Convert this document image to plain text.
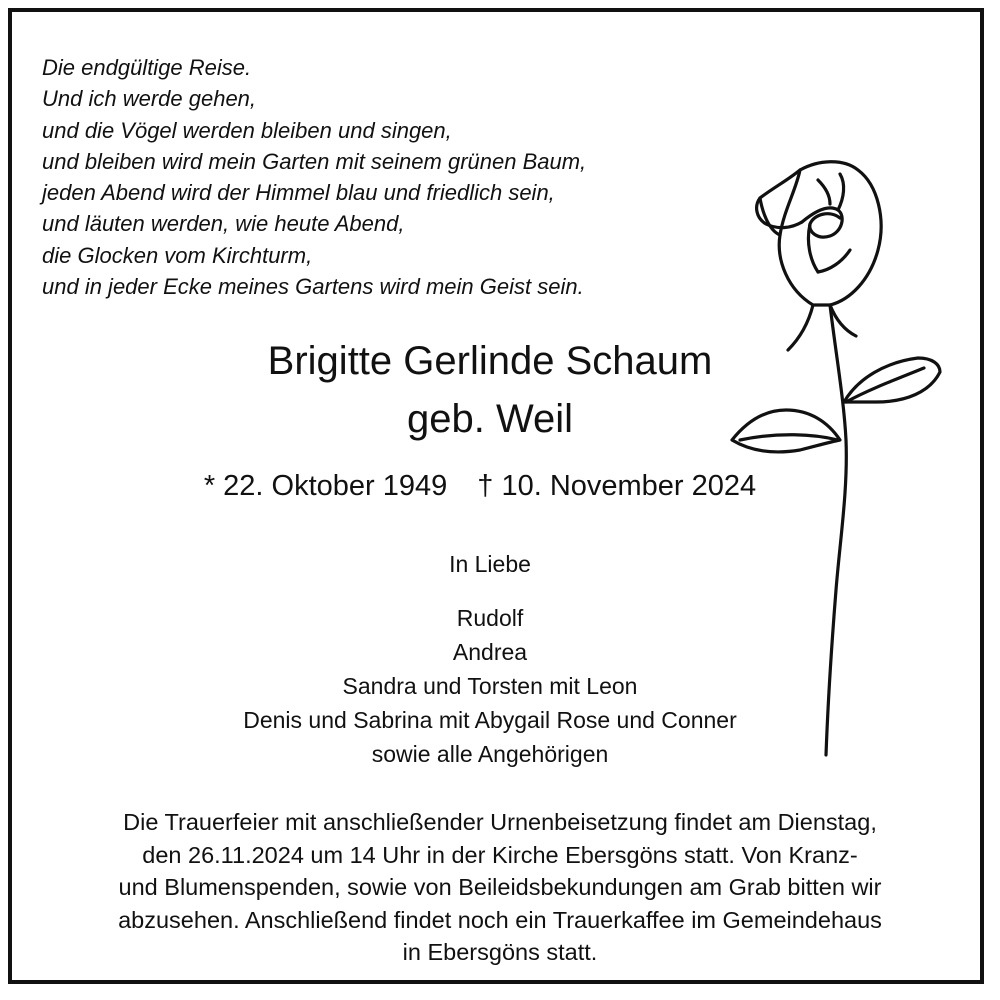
Die endgültige Reise.
Und ich werde gehen,
und die Vögel werden bleiben und singen,
und bleiben wird mein Garten mit seinem grünen Baum,
jeden Abend wird der Himmel blau und friedlich sein,
und läuten werden, wie heute Abend,
die Glocken vom Kirchturm,
und in jeder Ecke meines Gartens wird mein Geist sein.
Brigitte Gerlinde Schaum
geb. Weil
* 22. Oktober 1949 † 10. November 2024
In Liebe
Rudolf
Andrea
Sandra und Torsten mit Leon
Denis und Sabrina mit Abygail Rose und Conner
sowie alle Angehörigen
Die Trauerfeier mit anschließender Urnenbeisetzung findet am Dienstag,
den 26.11.2024 um 14 Uhr in der Kirche Ebersgöns statt. Von Kranz-
und Blumenspenden, sowie von Beileidsbekundungen am Grab bitten wir
abzusehen. Anschließend findet noch ein Trauerkaffee im Gemeindehaus
in Ebersgöns statt.
